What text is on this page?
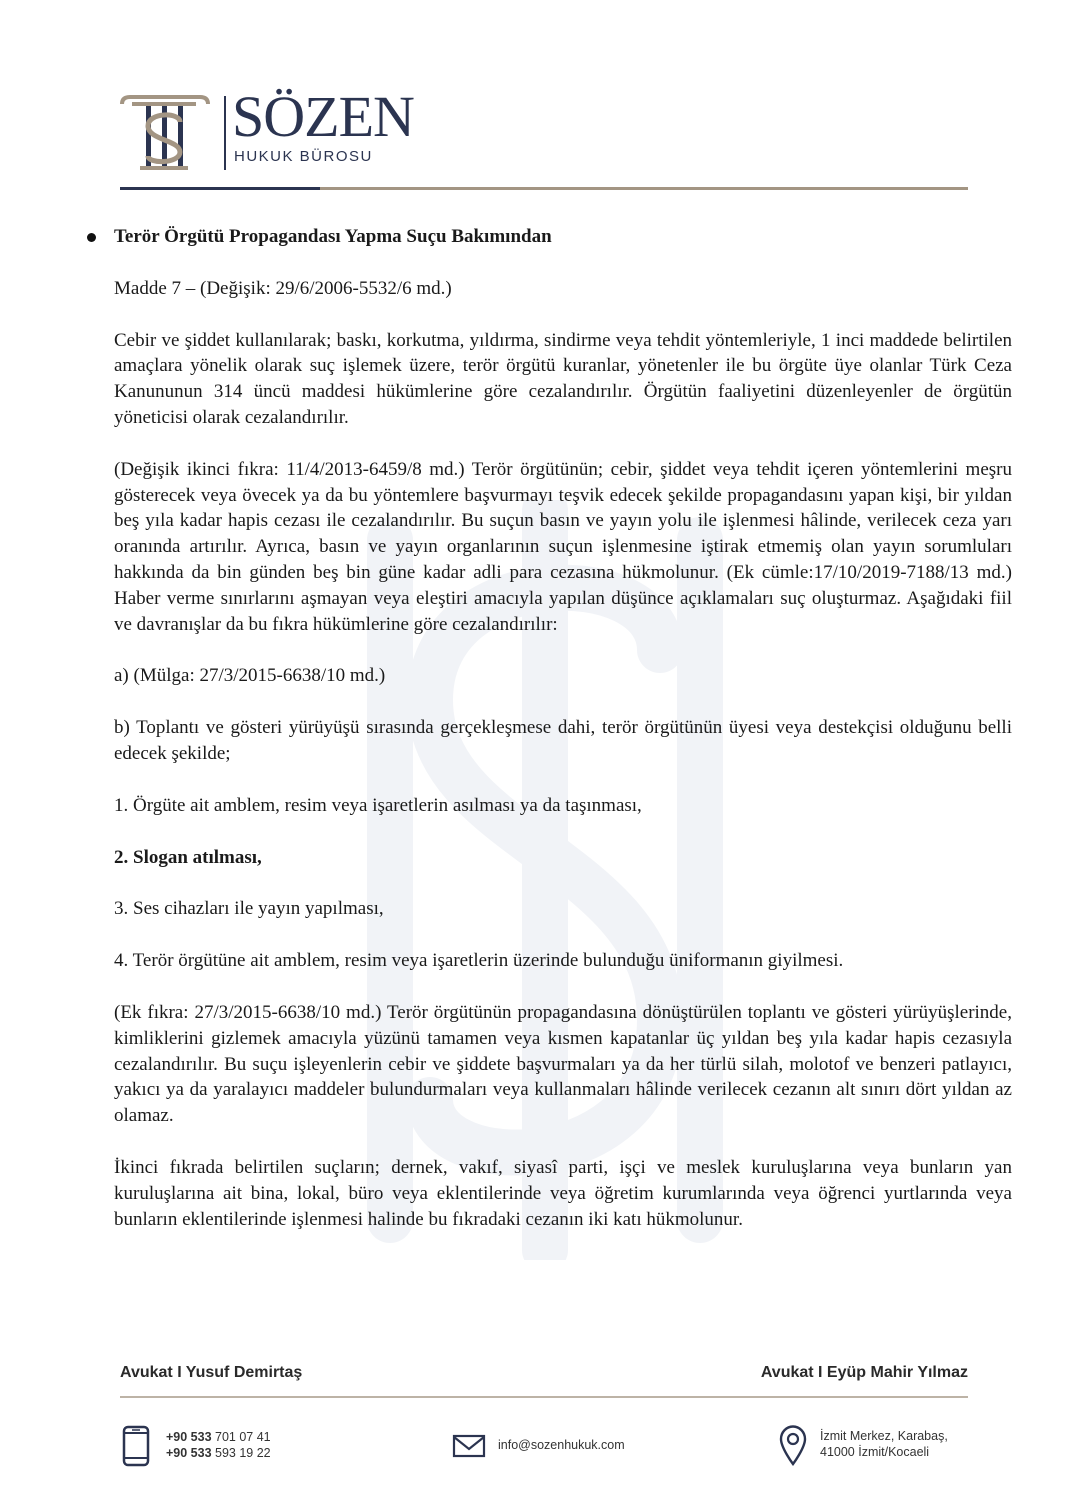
SÖZEN
HUKUK BÜROSU
Terör Örgütü Propagandası Yapma Suçu Bakımından
Madde 7 – (Değişik: 29/6/2006-5532/6 md.)
Cebir ve şiddet kullanılarak; baskı, korkutma, yıldırma, sindirme veya tehdit yöntemleriyle, 1 inci maddede belirtilen amaçlara yönelik olarak suç işlemek üzere, terör örgütü kuranlar, yönetenler ile bu örgüte üye olanlar Türk Ceza Kanununun 314 üncü maddesi hükümlerine göre cezalandırılır. Örgütün faaliyetini düzenleyenler de örgütün yöneticisi olarak cezalandırılır.
(Değişik ikinci fıkra: 11/4/2013-6459/8 md.) Terör örgütünün; cebir, şiddet veya tehdit içeren yöntemlerini meşru gösterecek veya övecek ya da bu yöntemlere başvurmayı teşvik edecek şekilde propagandasını yapan kişi, bir yıldan beş yıla kadar hapis cezası ile cezalandırılır. Bu suçun basın ve yayın yolu ile işlenmesi hâlinde, verilecek ceza yarı oranında artırılır. Ayrıca, basın ve yayın organlarının suçun işlenmesine iştirak etmemiş olan yayın sorumluları hakkında da bin günden beş bin güne kadar adli para cezasına hükmolunur. (Ek cümle:17/10/2019-7188/13 md.) Haber verme sınırlarını aşmayan veya eleştiri amacıyla yapılan düşünce açıklamaları suç oluşturmaz. Aşağıdaki fiil ve davranışlar da bu fıkra hükümlerine göre cezalandırılır:
a) (Mülga: 27/3/2015-6638/10 md.)
b) Toplantı ve gösteri yürüyüşü sırasında gerçekleşmese dahi, terör örgütünün üyesi veya destekçisi olduğunu belli edecek şekilde;
1. Örgüte ait amblem, resim veya işaretlerin asılması ya da taşınması,
2. Slogan atılması,
3. Ses cihazları ile yayın yapılması,
4. Terör örgütüne ait amblem, resim veya işaretlerin üzerinde bulunduğu üniformanın giyilmesi.
(Ek fıkra: 27/3/2015-6638/10 md.) Terör örgütünün propagandasına dönüştürülen toplantı ve gösteri yürüyüşlerinde, kimliklerini gizlemek amacıyla yüzünü tamamen veya kısmen kapatanlar üç yıldan beş yıla kadar hapis cezasıyla cezalandırılır. Bu suçu işleyenlerin cebir ve şiddete başvurmaları ya da her türlü silah, molotof ve benzeri patlayıcı, yakıcı ya da yaralayıcı maddeler bulundurmaları veya kullanmaları hâlinde verilecek cezanın alt sınırı dört yıldan az olamaz.
İkinci fıkrada belirtilen suçların; dernek, vakıf, siyasî parti, işçi ve meslek kuruluşlarına veya bunların yan kuruluşlarına ait bina, lokal, büro veya eklentilerinde veya öğretim kurumlarında veya öğrenci yurtlarında veya bunların eklentilerinde işlenmesi halinde bu fıkradaki cezanın iki katı hükmolunur.
Avukat I Yusuf Demirtaş	Avukat I Eyüp Mahir Yılmaz
+90 533 701 07 41
+90 533 593 19 22
info@sozenhukuk.com
İzmit Merkez, Karabaş,
41000 İzmit/Kocaeli
